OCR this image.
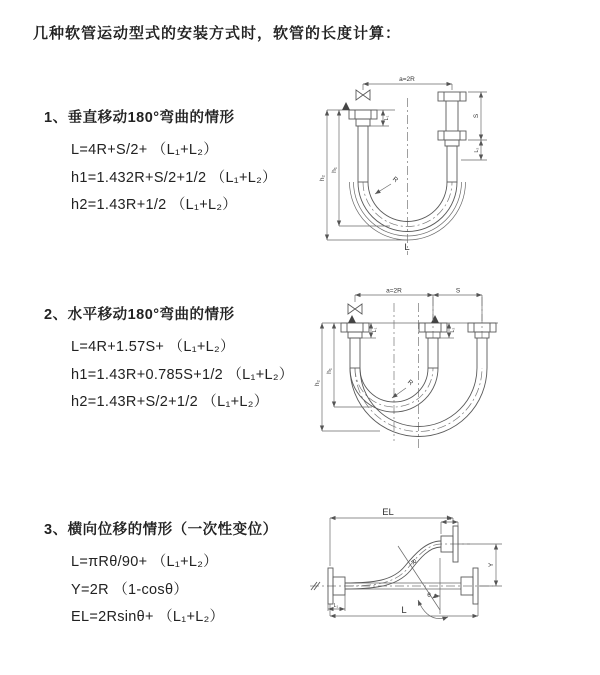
几种软管运动型式的安装方式时，软管的长度计算：
1、垂直移动180°弯曲的情形
L=4R+S/2+ （L₁+L₂）
h1=1.432R+S/2+1/2 （L₁+L₂）
h2=1.43R+1/2 （L₁+L₂）
2、水平移动180°弯曲的情形
L=4R+1.57S+ （L₁+L₂）
h1=1.43R+0.785S+1/2 （L₁+L₂）
h2=1.43R+S/2+1/2 （L₁+L₂）
3、横向位移的情形（一次性变位）
L=πRθ/90+ （L₁+L₂）
Y=2R （1-cosθ）
EL=2Rsinθ+ （L₁+L₂）
a=2R
h₂
h₁
L₁	S
L₂
R
L
a=2R	S
h₂
h₁
L₁	L₂
R
θ
R
EL
L₂
Y
L
L₁
